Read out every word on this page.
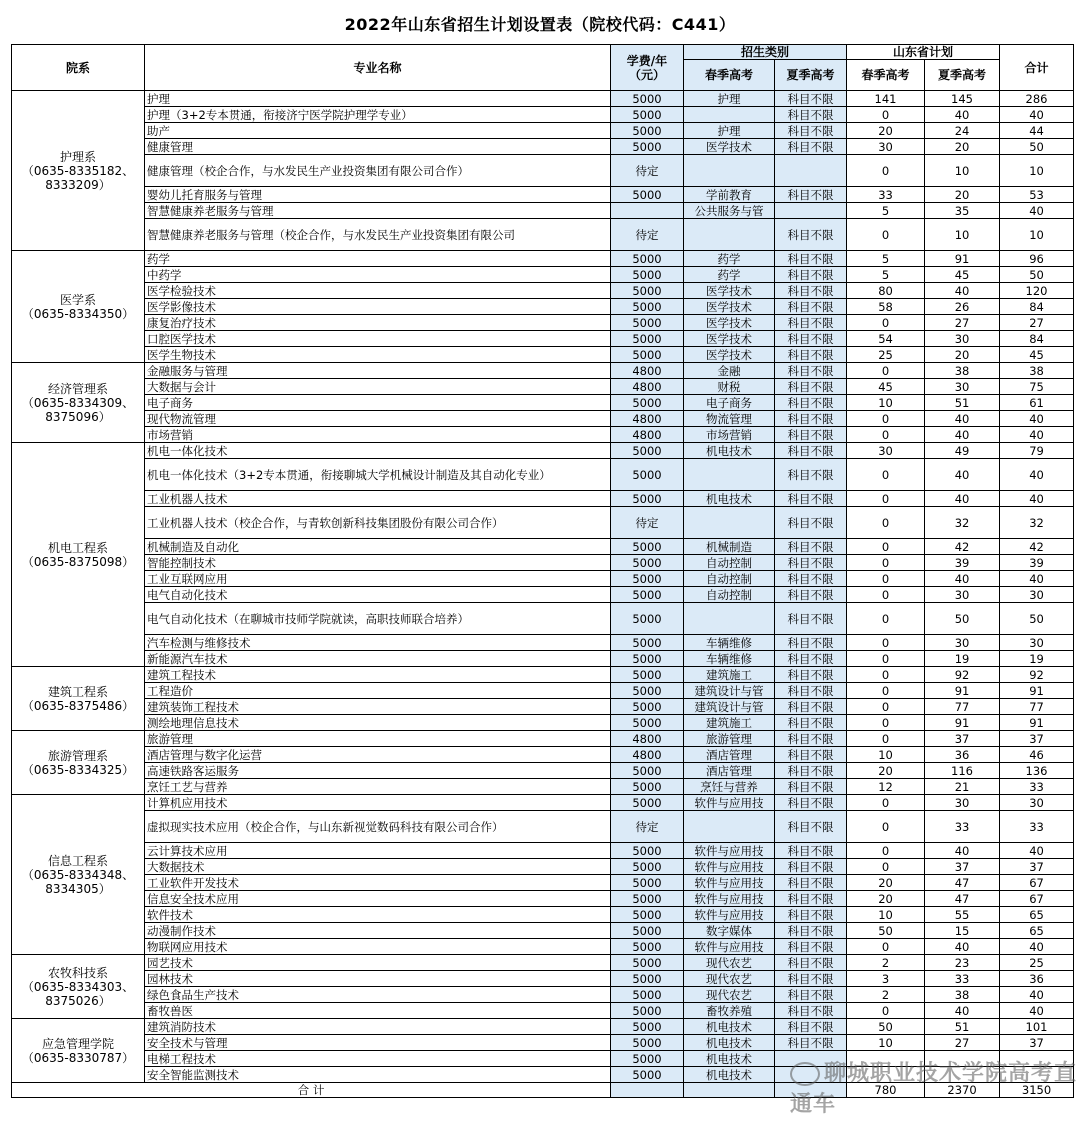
2022年山东省招生计划设置表（院校代码：C441）
院系	专业名称	学费/年
（元）	招生类别		山东省计划		合计
			春季高考	夏季高考	春季高考	夏季高考	
护理系
（0635-8335182、
8333209）	护理	5000	护理	科目不限	141	145	286
	护理（3+2专本贯通，衔接济宁医学院护理学专业）	5000		科目不限	0	40	40
	助产	5000	护理	科目不限	20	24	44
	健康管理	5000	医学技术	科目不限	30	20	50
	健康管理（校企合作，与水发民生产业投资集团有限公司合作）	待定			0	10	10
	婴幼儿托育服务与管理	5000	学前教育	科目不限	33	20	53
	智慧健康养老服务与管理		公共服务与管		5	35	40
	智慧健康养老服务与管理（校企合作，与水发民生产业投资集团有限公司	待定		科目不限	0	10	10
医学系
（0635-8334350）	药学	5000	药学	科目不限	5	91	96
	中药学	5000	药学	科目不限	5	45	50
	医学检验技术	5000	医学技术	科目不限	80	40	120
	医学影像技术	5000	医学技术	科目不限	58	26	84
	康复治疗技术	5000	医学技术	科目不限	0	27	27
	口腔医学技术	5000	医学技术	科目不限	54	30	84
	医学生物技术	5000	医学技术	科目不限	25	20	45
经济管理系
（0635-8334309、
8375096）	金融服务与管理	4800	金融	科目不限	0	38	38
	大数据与会计	4800	财税	科目不限	45	30	75
	电子商务	5000	电子商务	科目不限	10	51	61
	现代物流管理	4800	物流管理	科目不限	0	40	40
	市场营销	4800	市场营销	科目不限	0	40	40
机电工程系
（0635-8375098）	机电一体化技术	5000	机电技术	科目不限	30	49	79
	机电一体化技术（3+2专本贯通，衔接聊城大学机械设计制造及其自动化专业）	5000		科目不限	0	40	40
	工业机器人技术	5000	机电技术	科目不限	0	40	40
	工业机器人技术（校企合作，与青软创新科技集团股份有限公司合作）	待定		科目不限	0	32	32
	机械制造及自动化	5000	机械制造	科目不限	0	42	42
	智能控制技术	5000	自动控制	科目不限	0	39	39
	工业互联网应用	5000	自动控制	科目不限	0	40	40
	电气自动化技术	5000	自动控制	科目不限	0	30	30
	电气自动化技术（在聊城市技师学院就读，高职技师联合培养）	5000		科目不限	0	50	50
	汽车检测与维修技术	5000	车辆维修	科目不限	0	30	30
	新能源汽车技术	5000	车辆维修	科目不限	0	19	19
建筑工程系
（0635-8375486）	建筑工程技术	5000	建筑施工	科目不限	0	92	92
	工程造价	5000	建筑设计与管	科目不限	0	91	91
	建筑装饰工程技术	5000	建筑设计与管	科目不限	0	77	77
	测绘地理信息技术	5000	建筑施工	科目不限	0	91	91
旅游管理系
（0635-8334325）	旅游管理	4800	旅游管理	科目不限	0	37	37
	酒店管理与数字化运营	4800	酒店管理	科目不限	10	36	46
	高速铁路客运服务	5000	酒店管理	科目不限	20	116	136
	烹饪工艺与营养	5000	烹饪与营养	科目不限	12	21	33
信息工程系
（0635-8334348、
8334305）	计算机应用技术	5000	软件与应用技	科目不限	0	30	30
	虚拟现实技术应用（校企合作，与山东新视觉数码科技有限公司合作）	待定		科目不限	0	33	33
	云计算技术应用	5000	软件与应用技	科目不限	0	40	40
	大数据技术	5000	软件与应用技	科目不限	0	37	37
	工业软件开发技术	5000	软件与应用技	科目不限	20	47	67
	信息安全技术应用	5000	软件与应用技	科目不限	20	47	67
	软件技术	5000	软件与应用技	科目不限	10	55	65
	动漫制作技术	5000	数字媒体	科目不限	50	15	65
	物联网应用技术	5000	软件与应用技	科目不限	0	40	40
农牧科技系
（0635-8334303、
8375026）	园艺技术	5000	现代农艺	科目不限	2	23	25
	园林技术	5000	现代农艺	科目不限	3	33	36
	绿色食品生产技术	5000	现代农艺	科目不限	2	38	40
	畜牧兽医	5000	畜牧养殖	科目不限	0	40	40
应急管理学院
（0635-8330787）	建筑消防技术	5000	机电技术	科目不限	50	51	101
	安全技术与管理	5000	机电技术	科目不限	10	27	37
	电梯工程技术	5000	机电技术				
	安全智能监测技术	5000	机电技术				
合 计					780	2370	3150
聊城职业技术学院高考直通车
